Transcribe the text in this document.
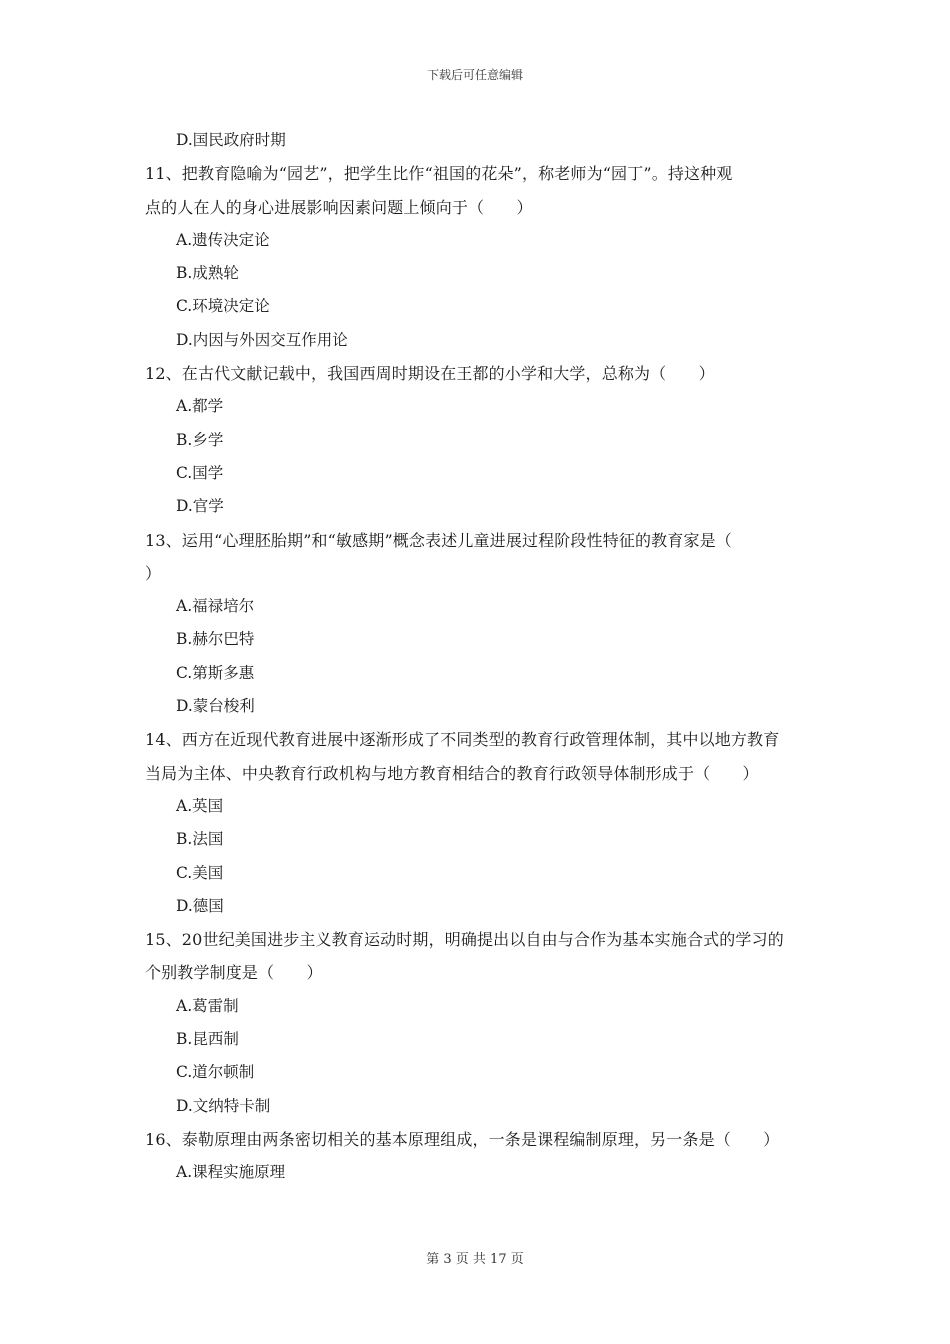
下载后可任意编辑
D.国民政府时期
11、把教育隐喻为“园艺”，把学生比作“祖国的花朵”，称老师为“园丁”。持这种观
点的人在人的身心进展影响因素问题上倾向于（　　）
A.遗传决定论
B.成熟轮
C.环境决定论
D.内因与外因交互作用论
12、在古代文献记载中，我国西周时期设在王都的小学和大学，总称为（　　）
A.都学
B.乡学
C.国学
D.官学
13、运用“心理胚胎期”和“敏感期”概念表述儿童进展过程阶段性特征的教育家是（
）
A.福禄培尔
B.赫尔巴特
C.第斯多惠
D.蒙台梭利
14、西方在近现代教育进展中逐渐形成了不同类型的教育行政管理体制，其中以地方教育
当局为主体、中央教育行政机构与地方教育相结合的教育行政领导体制形成于（　　）
A.英国
B.法国
C.美国
D.德国
15、20世纪美国进步主义教育运动时期，明确提出以自由与合作为基本实施合式的学习的
个别教学制度是（　　）
A.葛雷制
B.昆西制
C.道尔顿制
D.文纳特卡制
16、泰勒原理由两条密切相关的基本原理组成，一条是课程编制原理，另一条是（　　）
A.课程实施原理
第 3 页 共 17 页
